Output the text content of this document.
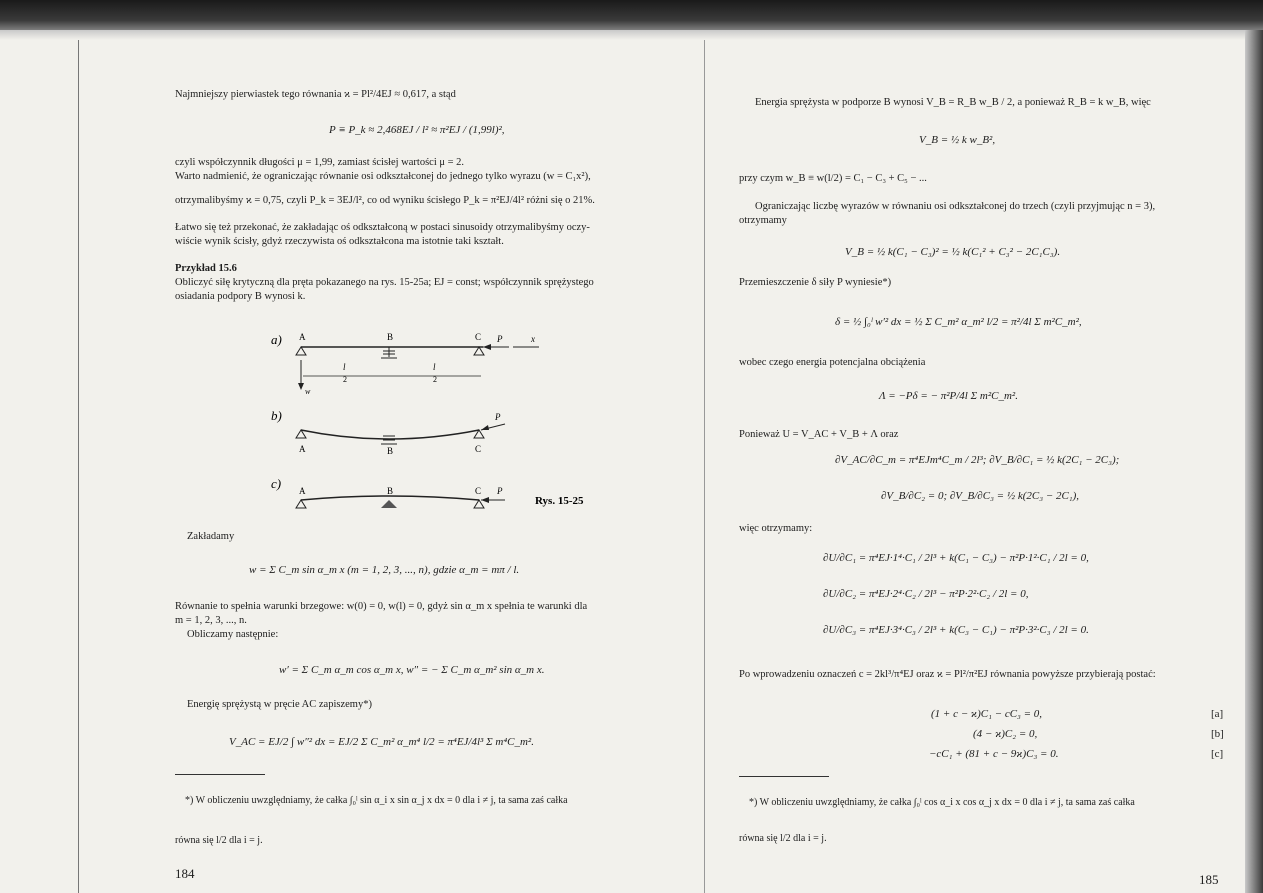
Najmniejszy pierwiastek tego równania ϰ = Pl²/4EJ ≈ 0,617, a stąd
P ≡ P_k ≈ 2,468EJ / l² ≈ π²EJ / (1,99l)²,
czyli współczynnik długości μ = 1,99, zamiast ścisłej wartości μ = 2.
Warto nadmienić, że ograniczając równanie osi odkształconej do jednego tylko wyrazu (w = C₁x²),
otrzymalibyśmy ϰ = 0,75, czyli P_k = 3EJ/l², co od wyniku ścisłego P_k = π²EJ/4l² różni się o 21%.
Łatwo się też przekonać, że zakładając oś odkształconą w postaci sinusoidy otrzymalibyśmy oczy-
wiście wynik ścisły, gdyż rzeczywista oś odkształcona ma istotnie taki kształt.
Przykład 15.6
Obliczyć siłę krytyczną dla pręta pokazanego na rys. 15-25a; EJ = const; współczynnik sprężystego
osiadania podpory B wynosi k.
a) A	B	C P	x
w
l
2
l
2
b)
A	B	C
P
c) A	B	C P
Rys. 15-25
Zakładamy
w = Σ C_m sin α_m x (m = 1, 2, 3, ..., n), gdzie α_m = mπ / l.
Równanie to spełnia warunki brzegowe: w(0) = 0, w(l) = 0, gdyż sin α_m x spełnia te warunki dla
m = 1, 2, 3, ..., n.
Obliczamy następnie:
w′ = Σ C_m α_m cos α_m x, w″ = − Σ C_m α_m² sin α_m x.
Energię sprężystą w pręcie AC zapiszemy*)
V_AC = EJ/2 ∫ w″² dx = EJ/2 Σ C_m² α_m⁴ l/2 = π⁴EJ/4l³ Σ m⁴C_m².
*) W obliczeniu uwzględniamy, że całka ∫₀ˡ sin α_i x sin α_j x dx = 0 dla i ≠ j, ta sama zaś całka
równa się l/2 dla i = j.
184
Energia sprężysta w podporze B wynosi V_B = R_B w_B / 2, a ponieważ R_B = k w_B, więc
V_B = ½ k w_B²,
przy czym w_B ≡ w(l/2) = C₁ − C₃ + C₅ − ...
Ograniczając liczbę wyrazów w równaniu osi odkształconej do trzech (czyli przyjmując n = 3),
otrzymamy
V_B = ½ k(C₁ − C₃)² = ½ k(C₁² + C₃² − 2C₁C₃).
Przemieszczenie δ siły P wyniesie*)
δ = ½ ∫₀ˡ w′² dx = ½ Σ C_m² α_m² l/2 = π²/4l Σ m²C_m²,
wobec czego energia potencjalna obciążenia
Λ = −Pδ = − π²P/4l Σ m²C_m².
Ponieważ U = V_AC + V_B + Λ oraz
∂V_AC/∂C_m = π⁴EJm⁴C_m / 2l³; ∂V_B/∂C₁ = ½ k(2C₁ − 2C₃);
∂V_B/∂C₂ = 0; ∂V_B/∂C₃ = ½ k(2C₃ − 2C₁),
więc otrzymamy:
∂U/∂C₁ = π⁴EJ·1⁴·C₁ / 2l³ + k(C₁ − C₃) − π²P·1²·C₁ / 2l = 0,
∂U/∂C₂ = π⁴EJ·2⁴·C₂ / 2l³ − π²P·2²·C₂ / 2l = 0,
∂U/∂C₃ = π⁴EJ·3⁴·C₃ / 2l³ + k(C₃ − C₁) − π²P·3²·C₃ / 2l = 0.
Po wprowadzeniu oznaczeń c = 2kl³/π⁴EJ oraz ϰ = Pl²/π²EJ równania powyższe przybierają postać:
(1 + c − ϰ)C₁ − cC₃ = 0,	[a]
(4 − ϰ)C₂ = 0,	[b]
−cC₁ + (81 + c − 9ϰ)C₃ = 0.	[c]
*) W obliczeniu uwzględniamy, że całka ∫₀ˡ cos α_i x cos α_j x dx = 0 dla i ≠ j, ta sama zaś całka
równa się l/2 dla i = j.
185
